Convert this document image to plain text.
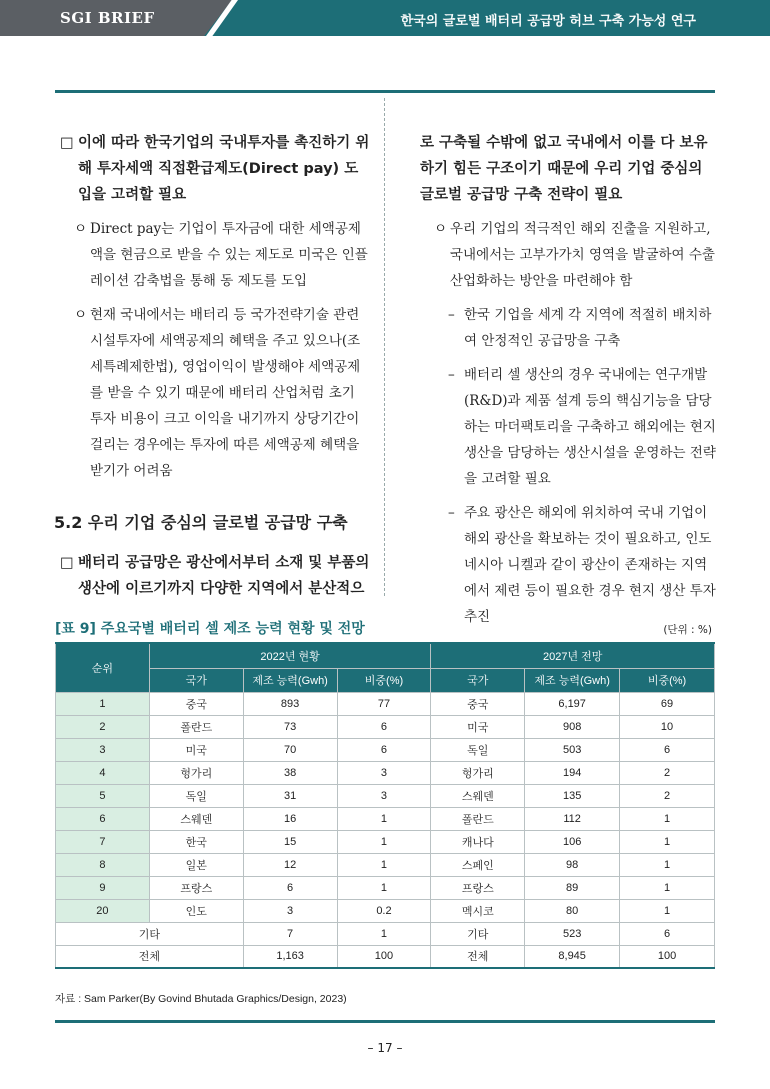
SGI BRIEF	한국의 글로벌 배터리 공급망 허브 구축 가능성 연구

□ 이에 따라 한국기업의 국내투자를 촉진하기 위해 투자세액 직접환급제도(Direct pay) 도입을 고려할 필요

ㅇ Direct pay는 기업이 투자금에 대한 세액공제액을 현금으로 받을 수 있는 제도로 미국은 인플레이션 감축법을 통해 동 제도를 도입

ㅇ 현재 국내에서는 배터리 등 국가전략기술 관련 시설투자에 세액공제의 혜택을 주고 있으나(조세특례제한법), 영업이익이 발생해야 세액공제를 받을 수 있기 때문에 배터리 산업처럼 초기 투자 비용이 크고 이익을 내기까지 상당기간이 걸리는 경우에는 투자에 따른 세액공제 혜택을 받기가 어려움

5.2 우리 기업 중심의 글로벌 공급망 구축

□ 배터리 공급망은 광산에서부터 소재 및 부품의 생산에 이르기까지 다양한 지역에서 분산적으

로 구축될 수밖에 없고 국내에서 이를 다 보유하기 힘든 구조이기 때문에 우리 기업 중심의 글로벌 공급망 구축 전략이 필요

ㅇ 우리 기업의 적극적인 해외 진출을 지원하고, 국내에서는 고부가가치 영역을 발굴하여 수출산업화하는 방안을 마련해야 함

– 한국 기업을 세계 각 지역에 적절히 배치하여 안정적인 공급망을 구축

– 배터리 셀 생산의 경우 국내에는 연구개발(R&D)과 제품 설계 등의 핵심기능을 담당하는 마더팩토리을 구축하고 해외에는 현지생산을 담당하는 생산시설을 운영하는 전략을 고려할 필요

– 주요 광산은 해외에 위치하여 국내 기업이 해외 광산을 확보하는 것이 필요하고, 인도네시아 니켈과 같이 광산이 존재하는 지역에서 제련 등이 필요한 경우 현지 생산 투자 추진

[표 9] 주요국별 배터리 셀 제조 능력 현황 및 전망	(단위 : %)
순위	2022년 현황			2027년 전망		
	국가	제조 능력(Gwh)	비중(%)	국가	제조 능력(Gwh)	비중(%)
1	중국	893	77	중국	6,197	69
2	폴란드	73	6	미국	908	10
3	미국	70	6	독일	503	6
4	헝가리	38	3	헝가리	194	2
5	독일	31	3	스웨덴	135	2
6	스웨덴	16	1	폴란드	112	1
7	한국	15	1	캐나다	106	1
8	일본	12	1	스페인	98	1
9	프랑스	6	1	프랑스	89	1
20	인도	3	0.2	멕시코	80	1
기타		7	1	기타	523	6
전체		1,163	100	전체	8,945	100
자료 : Sam Parker(By Govind Bhutada Graphics/Design, 2023)
– 17 –
